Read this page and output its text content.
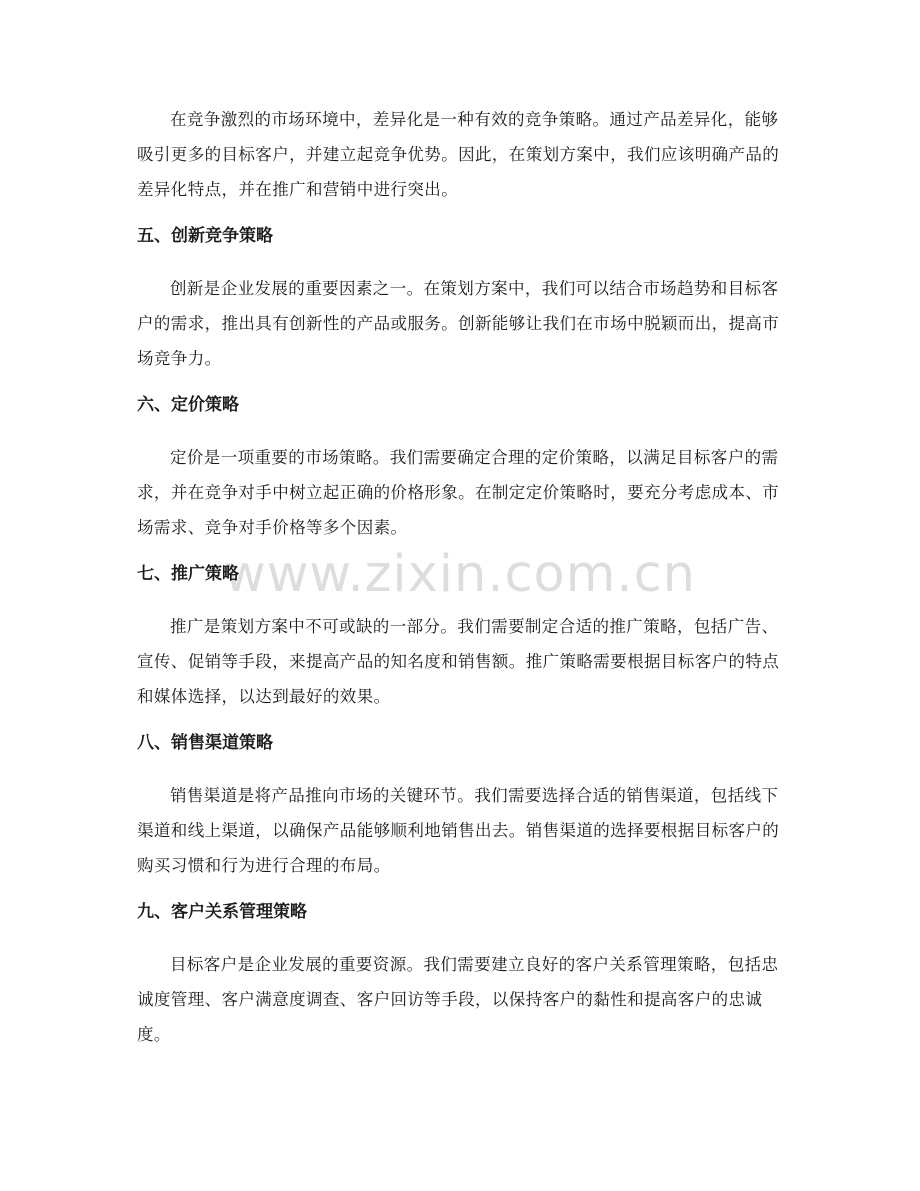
在竞争激烈的市场环境中，差异化是一种有效的竞争策略。通过产品差异化，能够吸引更多的目标客户，并建立起竞争优势。因此，在策划方案中，我们应该明确产品的差异化特点，并在推广和营销中进行突出。

五、创新竞争策略

创新是企业发展的重要因素之一。在策划方案中，我们可以结合市场趋势和目标客户的需求，推出具有创新性的产品或服务。创新能够让我们在市场中脱颖而出，提高市场竞争力。

六、定价策略

定价是一项重要的市场策略。我们需要确定合理的定价策略，以满足目标客户的需求，并在竞争对手中树立起正确的价格形象。在制定定价策略时，要充分考虑成本、市场需求、竞争对手价格等多个因素。

七、推广策略

推广是策划方案中不可或缺的一部分。我们需要制定合适的推广策略，包括广告、宣传、促销等手段，来提高产品的知名度和销售额。推广策略需要根据目标客户的特点和媒体选择，以达到最好的效果。

八、销售渠道策略

销售渠道是将产品推向市场的关键环节。我们需要选择合适的销售渠道，包括线下渠道和线上渠道，以确保产品能够顺利地销售出去。销售渠道的选择要根据目标客户的购买习惯和行为进行合理的布局。

九、客户关系管理策略

目标客户是企业发展的重要资源。我们需要建立良好的客户关系管理策略，包括忠诚度管理、客户满意度调查、客户回访等手段，以保持客户的黏性和提高客户的忠诚度。

www.zixin.com.cn
